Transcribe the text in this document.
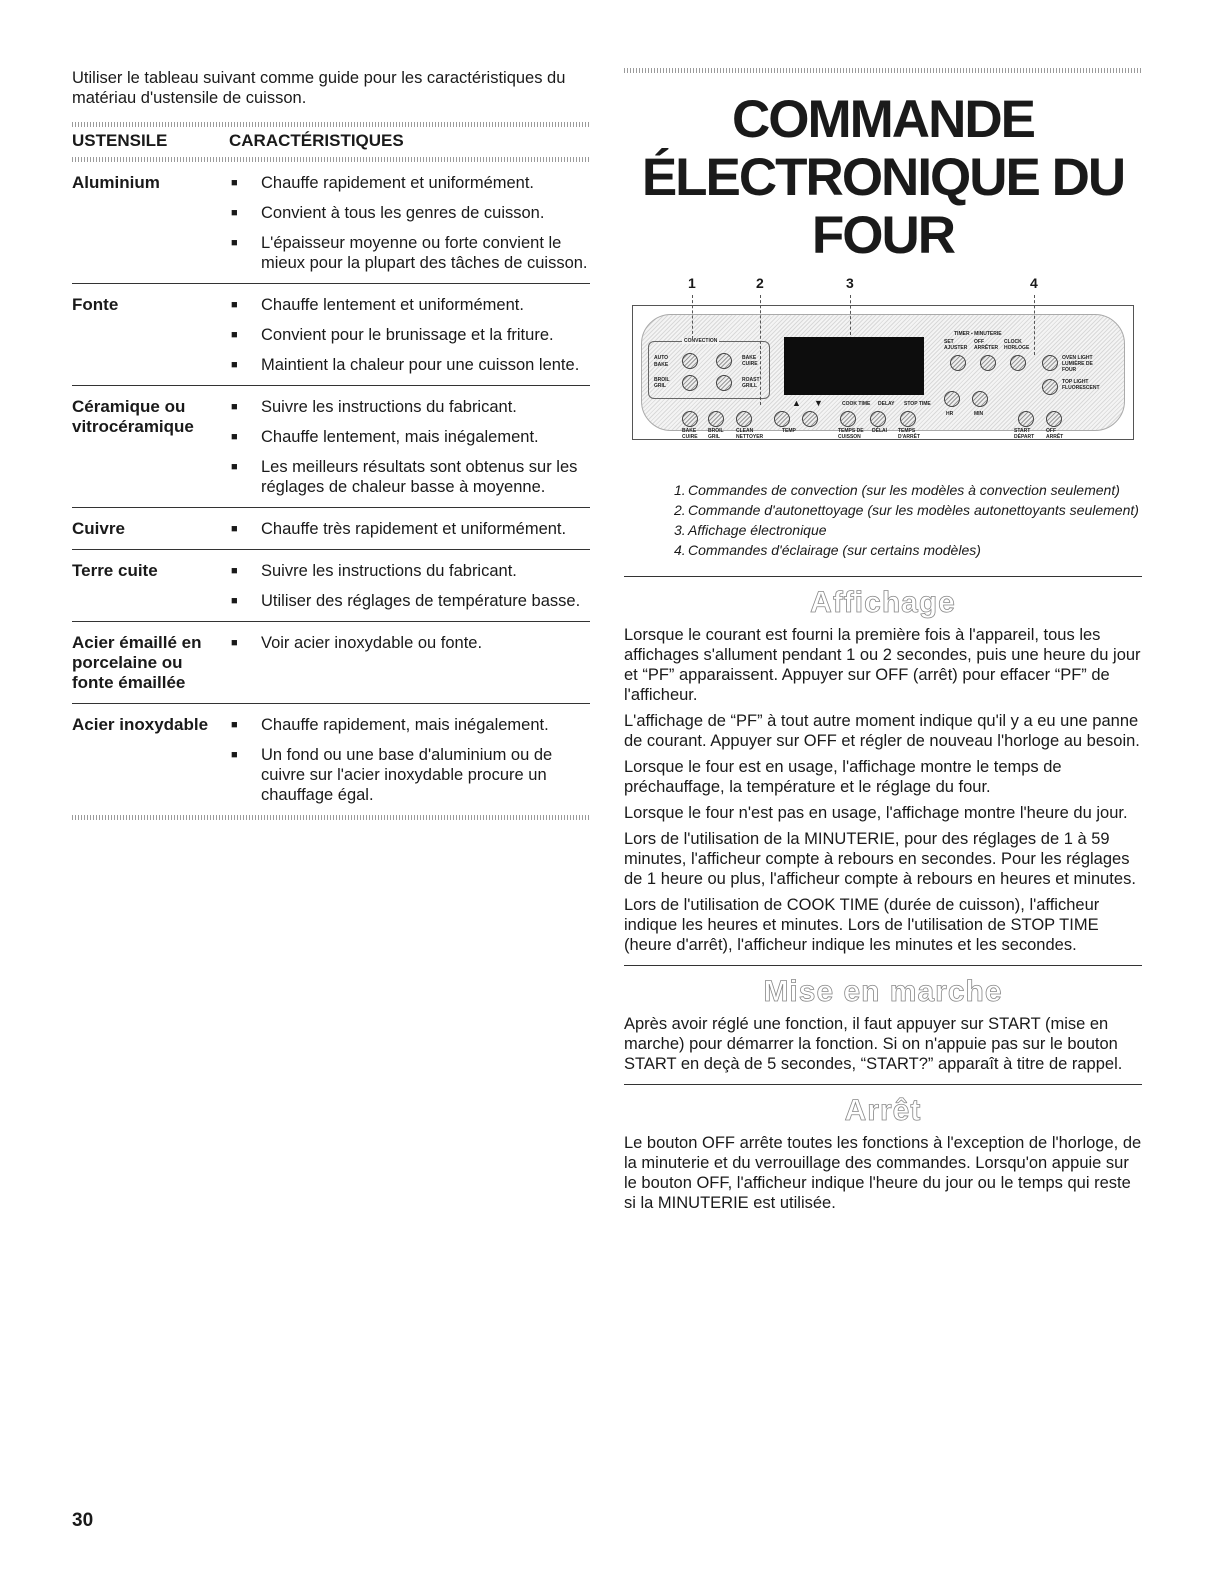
Utiliser le tableau suivant comme guide pour les caractéristiques du matériau d'ustensile de cuisson.

USTENSILE	CARACTÉRISTIQUES
Aluminium	■	Chauffe rapidement et uniformément.
■	Convient à tous les genres de cuisson.
■	L'épaisseur moyenne ou forte convient le mieux pour la plupart des tâches de cuisson.
Fonte	■	Chauffe lentement et uniformément.
■	Convient pour le brunissage et la friture.
■	Maintient la chaleur pour une cuisson lente.
Céramique ou vitrocéramique
■	Suivre les instructions du fabricant.
■	Chauffe lentement, mais inégalement.
■	Les meilleurs résultats sont obtenus sur les réglages de chaleur basse à moyenne.
Cuivre	■	Chauffe très rapidement et uniformément.
Terre cuite	■	Suivre les instructions du fabricant.
■	Utiliser des réglages de température basse.
Acier émaillé en porcelaine ou fonte émaillée
■	Voir acier inoxydable ou fonte.
Acier inoxydable	■	Chauffe rapidement, mais inégalement.
■	Un fond ou une base d'aluminium ou de cuivre sur l'acier inoxydable procure un chauffage égal.
COMMANDE
ÉLECTRONIQUE DU FOUR
1	2	3	4
CONVECTION
AUTO
BAKE
BAKE CUIRE
BROIL GRIL
ROAST GRILL
TIMER ▪ MINUTERIE
SET AJUSTER
OFF ARRÊTER
CLOCK HORLOGE
OVEN LIGHT LUMIÈRE DE FOUR
TOP LIGHT FLUORESCENT
▲ ▼	COOK TIME DELAY STOP TIME
HR	MIN
BAKE CUIRE
BROIL GRIL
CLEAN NETTOYER
TEMP	TEMPS DE CUISSON
DÉLAI TEMPS D'ARRÊT
START DÉPART
OFF ARRÊT
1. Commandes de convection (sur les modèles à convection seulement)
2. Commande d'autonettoyage (sur les modèles autonettoyants seulement)
3. Affichage électronique
4. Commandes d'éclairage (sur certains modèles)
Affichage

Lorsque le courant est fourni la première fois à l'appareil, tous les affichages s'allument pendant 1 ou 2 secondes, puis une heure du jour et “PF” apparaissent. Appuyer sur OFF (arrêt) pour effacer “PF” de l'afficheur.

L'affichage de “PF” à tout autre moment indique qu'il y a eu une panne de courant. Appuyer sur OFF et régler de nouveau l'horloge au besoin.

Lorsque le four est en usage, l'affichage montre le temps de préchauffage, la température et le réglage du four.

Lorsque le four n'est pas en usage, l'affichage montre l'heure du jour.

Lors de l'utilisation de la MINUTERIE, pour des réglages de 1 à 59 minutes, l'afficheur compte à rebours en secondes. Pour les réglages de 1 heure ou plus, l'afficheur compte à rebours en heures et minutes.

Lors de l'utilisation de COOK TIME (durée de cuisson), l'afficheur indique les heures et minutes. Lors de l'utilisation de STOP TIME (heure d'arrêt), l'afficheur indique les minutes et les secondes.

Mise en marche

Après avoir réglé une fonction, il faut appuyer sur START (mise en marche) pour démarrer la fonction. Si on n'appuie pas sur le bouton START en deçà de 5 secondes, “START?” apparaît à titre de rappel.

Arrêt

Le bouton OFF arrête toutes les fonctions à l'exception de l'horloge, de la minuterie et du verrouillage des commandes. Lorsqu'on appuie sur le bouton OFF, l'afficheur indique l'heure du jour ou le temps qui reste si la MINUTERIE est utilisée.

30
